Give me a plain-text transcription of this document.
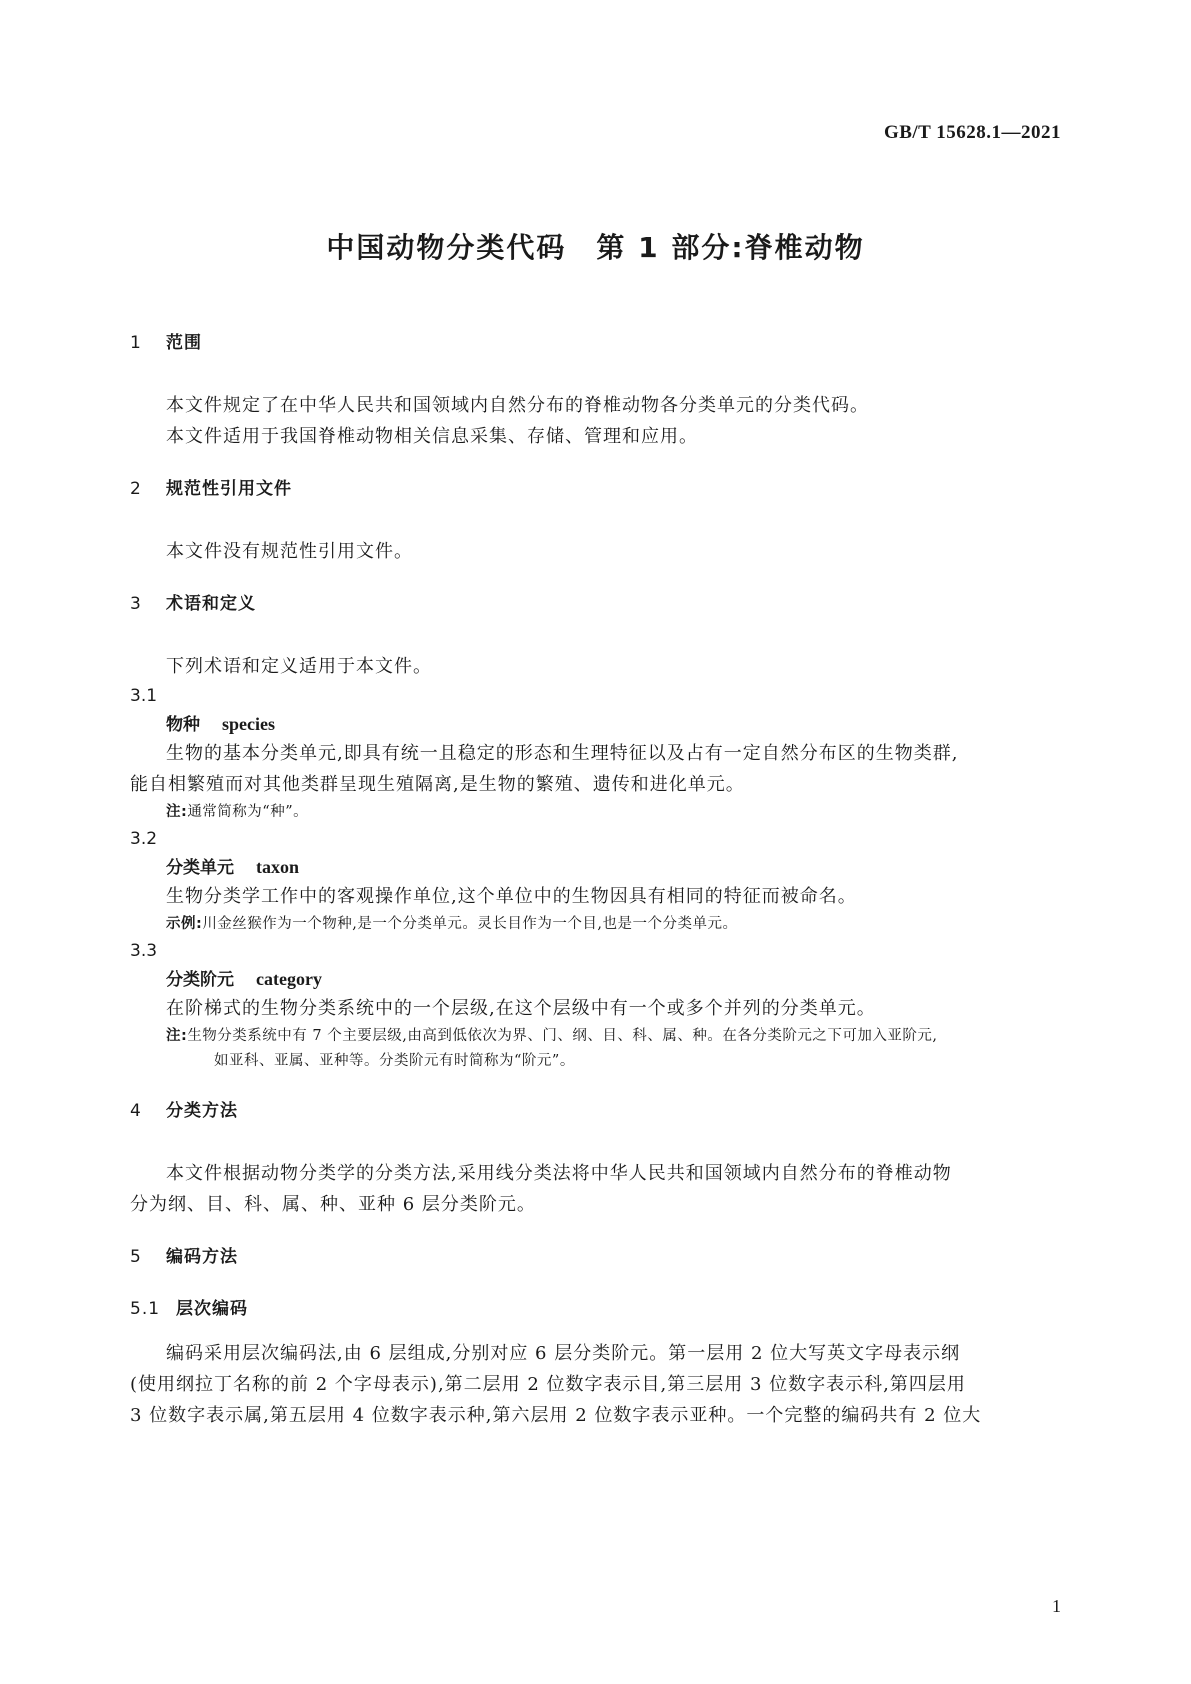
GB/T 15628.1—2021
中国动物分类代码　第 1 部分:脊椎动物

1 范围

本文件规定了在中华人民共和国领域内自然分布的脊椎动物各分类单元的分类代码。

本文件适用于我国脊椎动物相关信息采集、存储、管理和应用。

2 规范性引用文件

本文件没有规范性引用文件。

3 术语和定义

下列术语和定义适用于本文件。

3.1

物种 species

生物的基本分类单元,即具有统一且稳定的形态和生理特征以及占有一定自然分布区的生物类群,

能自相繁殖而对其他类群呈现生殖隔离,是生物的繁殖、遗传和进化单元。

注:通常简称为“种”。

3.2

分类单元 taxon

生物分类学工作中的客观操作单位,这个单位中的生物因具有相同的特征而被命名。

示例:川金丝猴作为一个物种,是一个分类单元。灵长目作为一个目,也是一个分类单元。

3.3

分类阶元 category

在阶梯式的生物分类系统中的一个层级,在这个层级中有一个或多个并列的分类单元。

注:生物分类系统中有 7 个主要层级,由高到低依次为界、门、纲、目、科、属、种。在各分类阶元之下可加入亚阶元,

如亚科、亚属、亚种等。分类阶元有时简称为“阶元”。

4 分类方法

本文件根据动物分类学的分类方法,采用线分类法将中华人民共和国领域内自然分布的脊椎动物

分为纲、目、科、属、种、亚种 6 层分类阶元。

5 编码方法

5.1 层次编码

编码采用层次编码法,由 6 层组成,分别对应 6 层分类阶元。第一层用 2 位大写英文字母表示纲

(使用纲拉丁名称的前 2 个字母表示),第二层用 2 位数字表示目,第三层用 3 位数字表示科,第四层用

3 位数字表示属,第五层用 4 位数字表示种,第六层用 2 位数字表示亚种。一个完整的编码共有 2 位大

1
